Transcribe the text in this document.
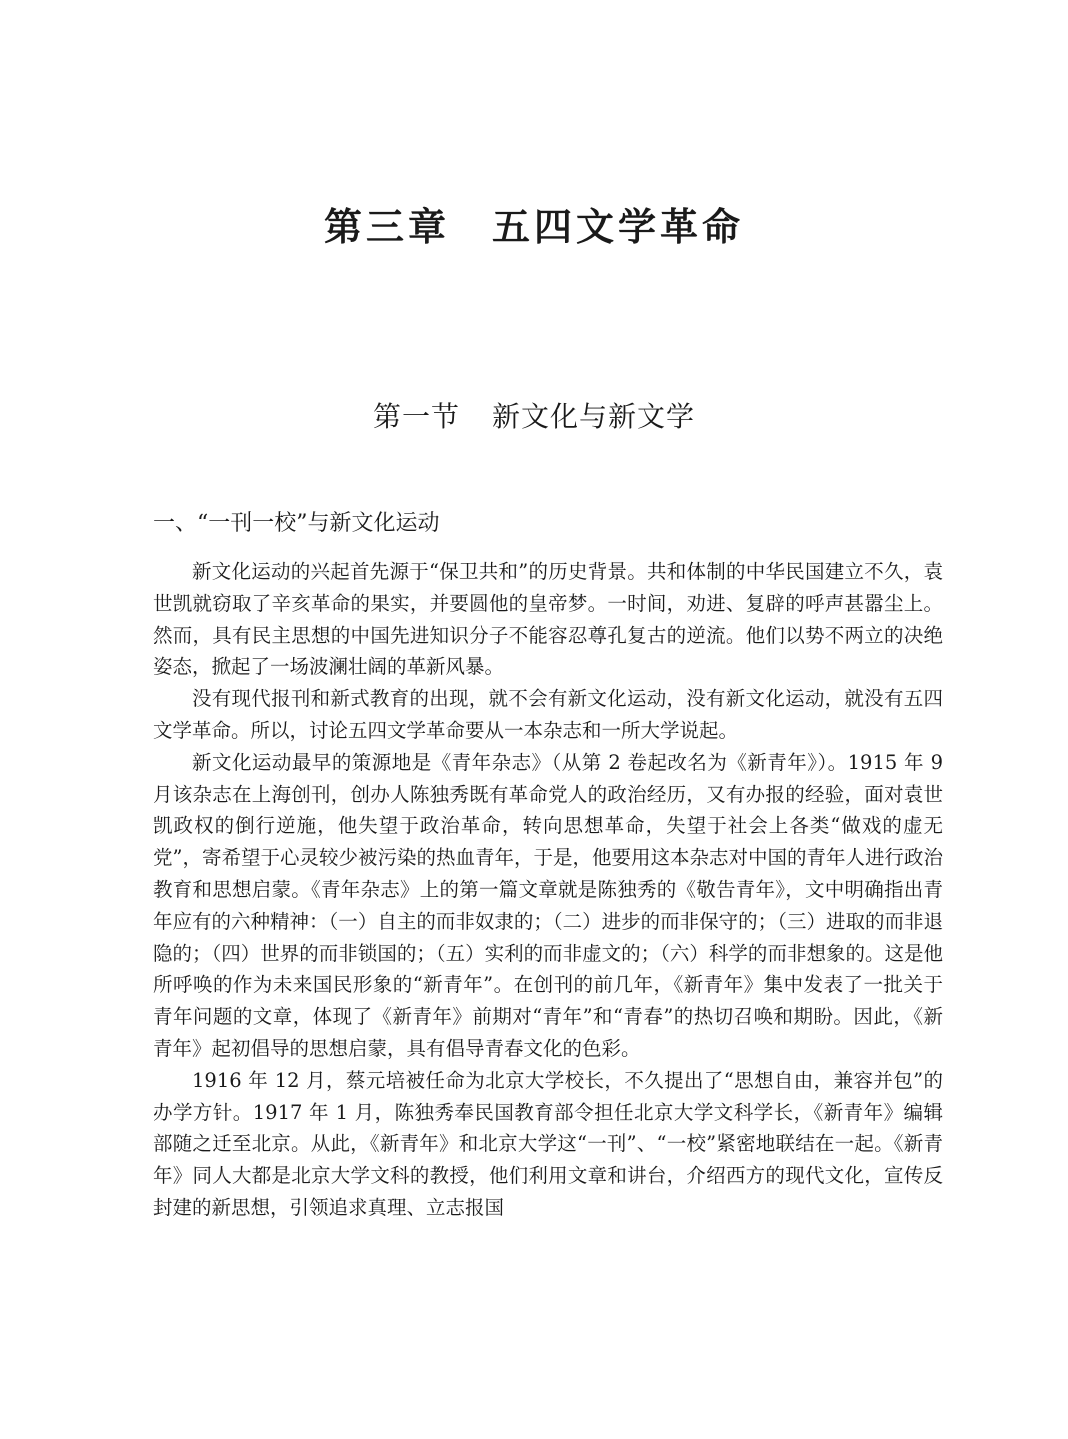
第三章 五四文学革命
第一节 新文化与新文学
一、“一刊一校”与新文化运动

新文化运动的兴起首先源于“保卫共和”的历史背景。共和体制的中华民国建立不久，袁世凯就窃取了辛亥革命的果实，并要圆他的皇帝梦。一时间，劝进、复辟的呼声甚嚣尘上。然而，具有民主思想的中国先进知识分子不能容忍尊孔复古的逆流。他们以势不两立的决绝姿态，掀起了一场波澜壮阔的革新风暴。

没有现代报刊和新式教育的出现，就不会有新文化运动，没有新文化运动，就没有五四文学革命。所以，讨论五四文学革命要从一本杂志和一所大学说起。

新文化运动最早的策源地是《青年杂志》（从第 2 卷起改名为《新青年》）。1915 年 9 月该杂志在上海创刊，创办人陈独秀既有革命党人的政治经历，又有办报的经验，面对袁世凯政权的倒行逆施，他失望于政治革命，转向思想革命，失望于社会上各类“做戏的虚无党”，寄希望于心灵较少被污染的热血青年，于是，他要用这本杂志对中国的青年人进行政治教育和思想启蒙。《青年杂志》上的第一篇文章就是陈独秀的《敬告青年》，文中明确指出青年应有的六种精神：（一）自主的而非奴隶的；（二）进步的而非保守的；（三）进取的而非退隐的；（四）世界的而非锁国的；（五）实利的而非虚文的；（六）科学的而非想象的。这是他所呼唤的作为未来国民形象的“新青年”。在创刊的前几年，《新青年》集中发表了一批关于青年问题的文章，体现了《新青年》前期对“青年”和“青春”的热切召唤和期盼。因此，《新青年》起初倡导的思想启蒙，具有倡导青春文化的色彩。

1916 年 12 月，蔡元培被任命为北京大学校长，不久提出了“思想自由，兼容并包”的办学方针。1917 年 1 月，陈独秀奉民国教育部令担任北京大学文科学长，《新青年》编辑部随之迁至北京。从此，《新青年》和北京大学这“一刊”、“一校”紧密地联结在一起。《新青年》同人大都是北京大学文科的教授，他们利用文章和讲台，介绍西方的现代文化，宣传反封建的新思想，引领追求真理、立志报国
